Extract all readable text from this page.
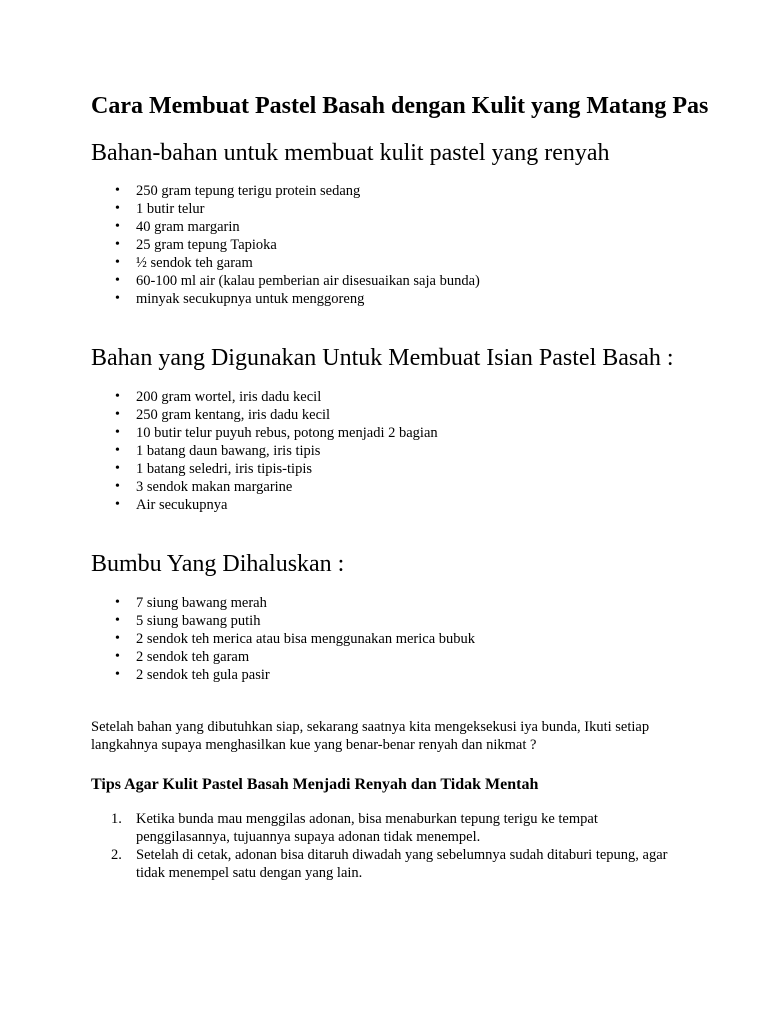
Cara Membuat Pastel Basah dengan Kulit yang Matang Pas
Bahan-bahan untuk membuat kulit pastel yang renyah
• 250 gram tepung terigu protein sedang
• 1 butir telur
• 40 gram margarin
• 25 gram tepung Tapioka
• ½ sendok teh garam
• 60-100 ml air (kalau pemberian air disesuaikan saja bunda)
• minyak secukupnya untuk menggoreng
Bahan yang Digunakan Untuk Membuat Isian Pastel Basah :
• 200 gram wortel, iris dadu kecil
• 250 gram kentang, iris dadu kecil
• 10 butir telur puyuh rebus, potong menjadi 2 bagian
• 1 batang daun bawang, iris tipis
• 1 batang seledri, iris tipis-tipis
• 3 sendok makan margarine
• Air secukupnya
Bumbu Yang Dihaluskan :
• 7 siung bawang merah
• 5 siung bawang putih
• 2 sendok teh merica atau bisa menggunakan merica bubuk
• 2 sendok teh garam
• 2 sendok teh gula pasir

Setelah bahan yang dibutuhkan siap, sekarang saatnya kita mengeksekusi iya bunda, Ikuti setiap langkahnya supaya menghasilkan kue yang benar-benar renyah dan nikmat ?

Tips Agar Kulit Pastel Basah Menjadi Renyah dan Tidak Mentah
1. Ketika bunda mau menggilas adonan, bisa menaburkan tepung terigu ke tempat penggilasannya, tujuannya supaya adonan tidak menempel.
2. Setelah di cetak, adonan bisa ditaruh diwadah yang sebelumnya sudah ditaburi tepung, agar tidak menempel satu dengan yang lain.
